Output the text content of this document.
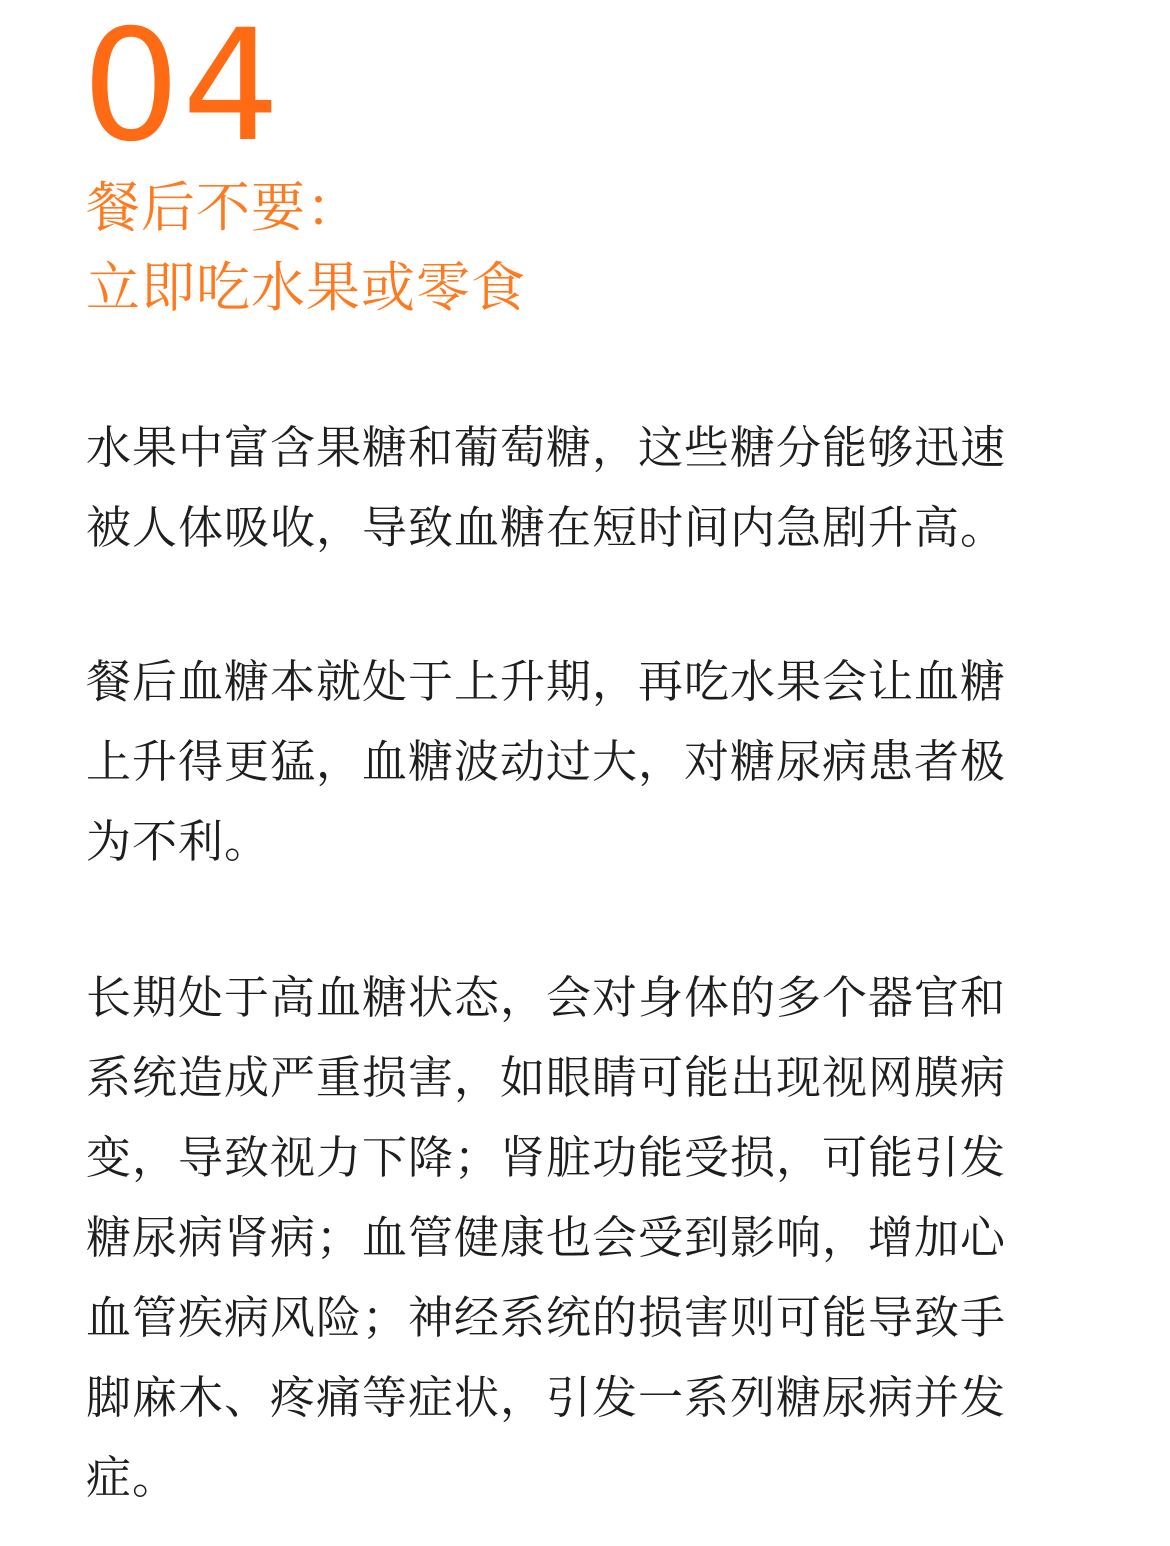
04
餐后不要：
立即吃水果或零食

水果中富含果糖和葡萄糖，这些糖分能够迅速
被人体吸收，导致血糖在短时间内急剧升高。

餐后血糖本就处于上升期，再吃水果会让血糖
上升得更猛，血糖波动过大，对糖尿病患者极
为不利。

长期处于高血糖状态，会对身体的多个器官和
系统造成严重损害，如眼睛可能出现视网膜病
变，导致视力下降；肾脏功能受损，可能引发
糖尿病肾病；血管健康也会受到影响，增加心
血管疾病风险；神经系统的损害则可能导致手
脚麻木、疼痛等症状，引发一系列糖尿病并发
症。
